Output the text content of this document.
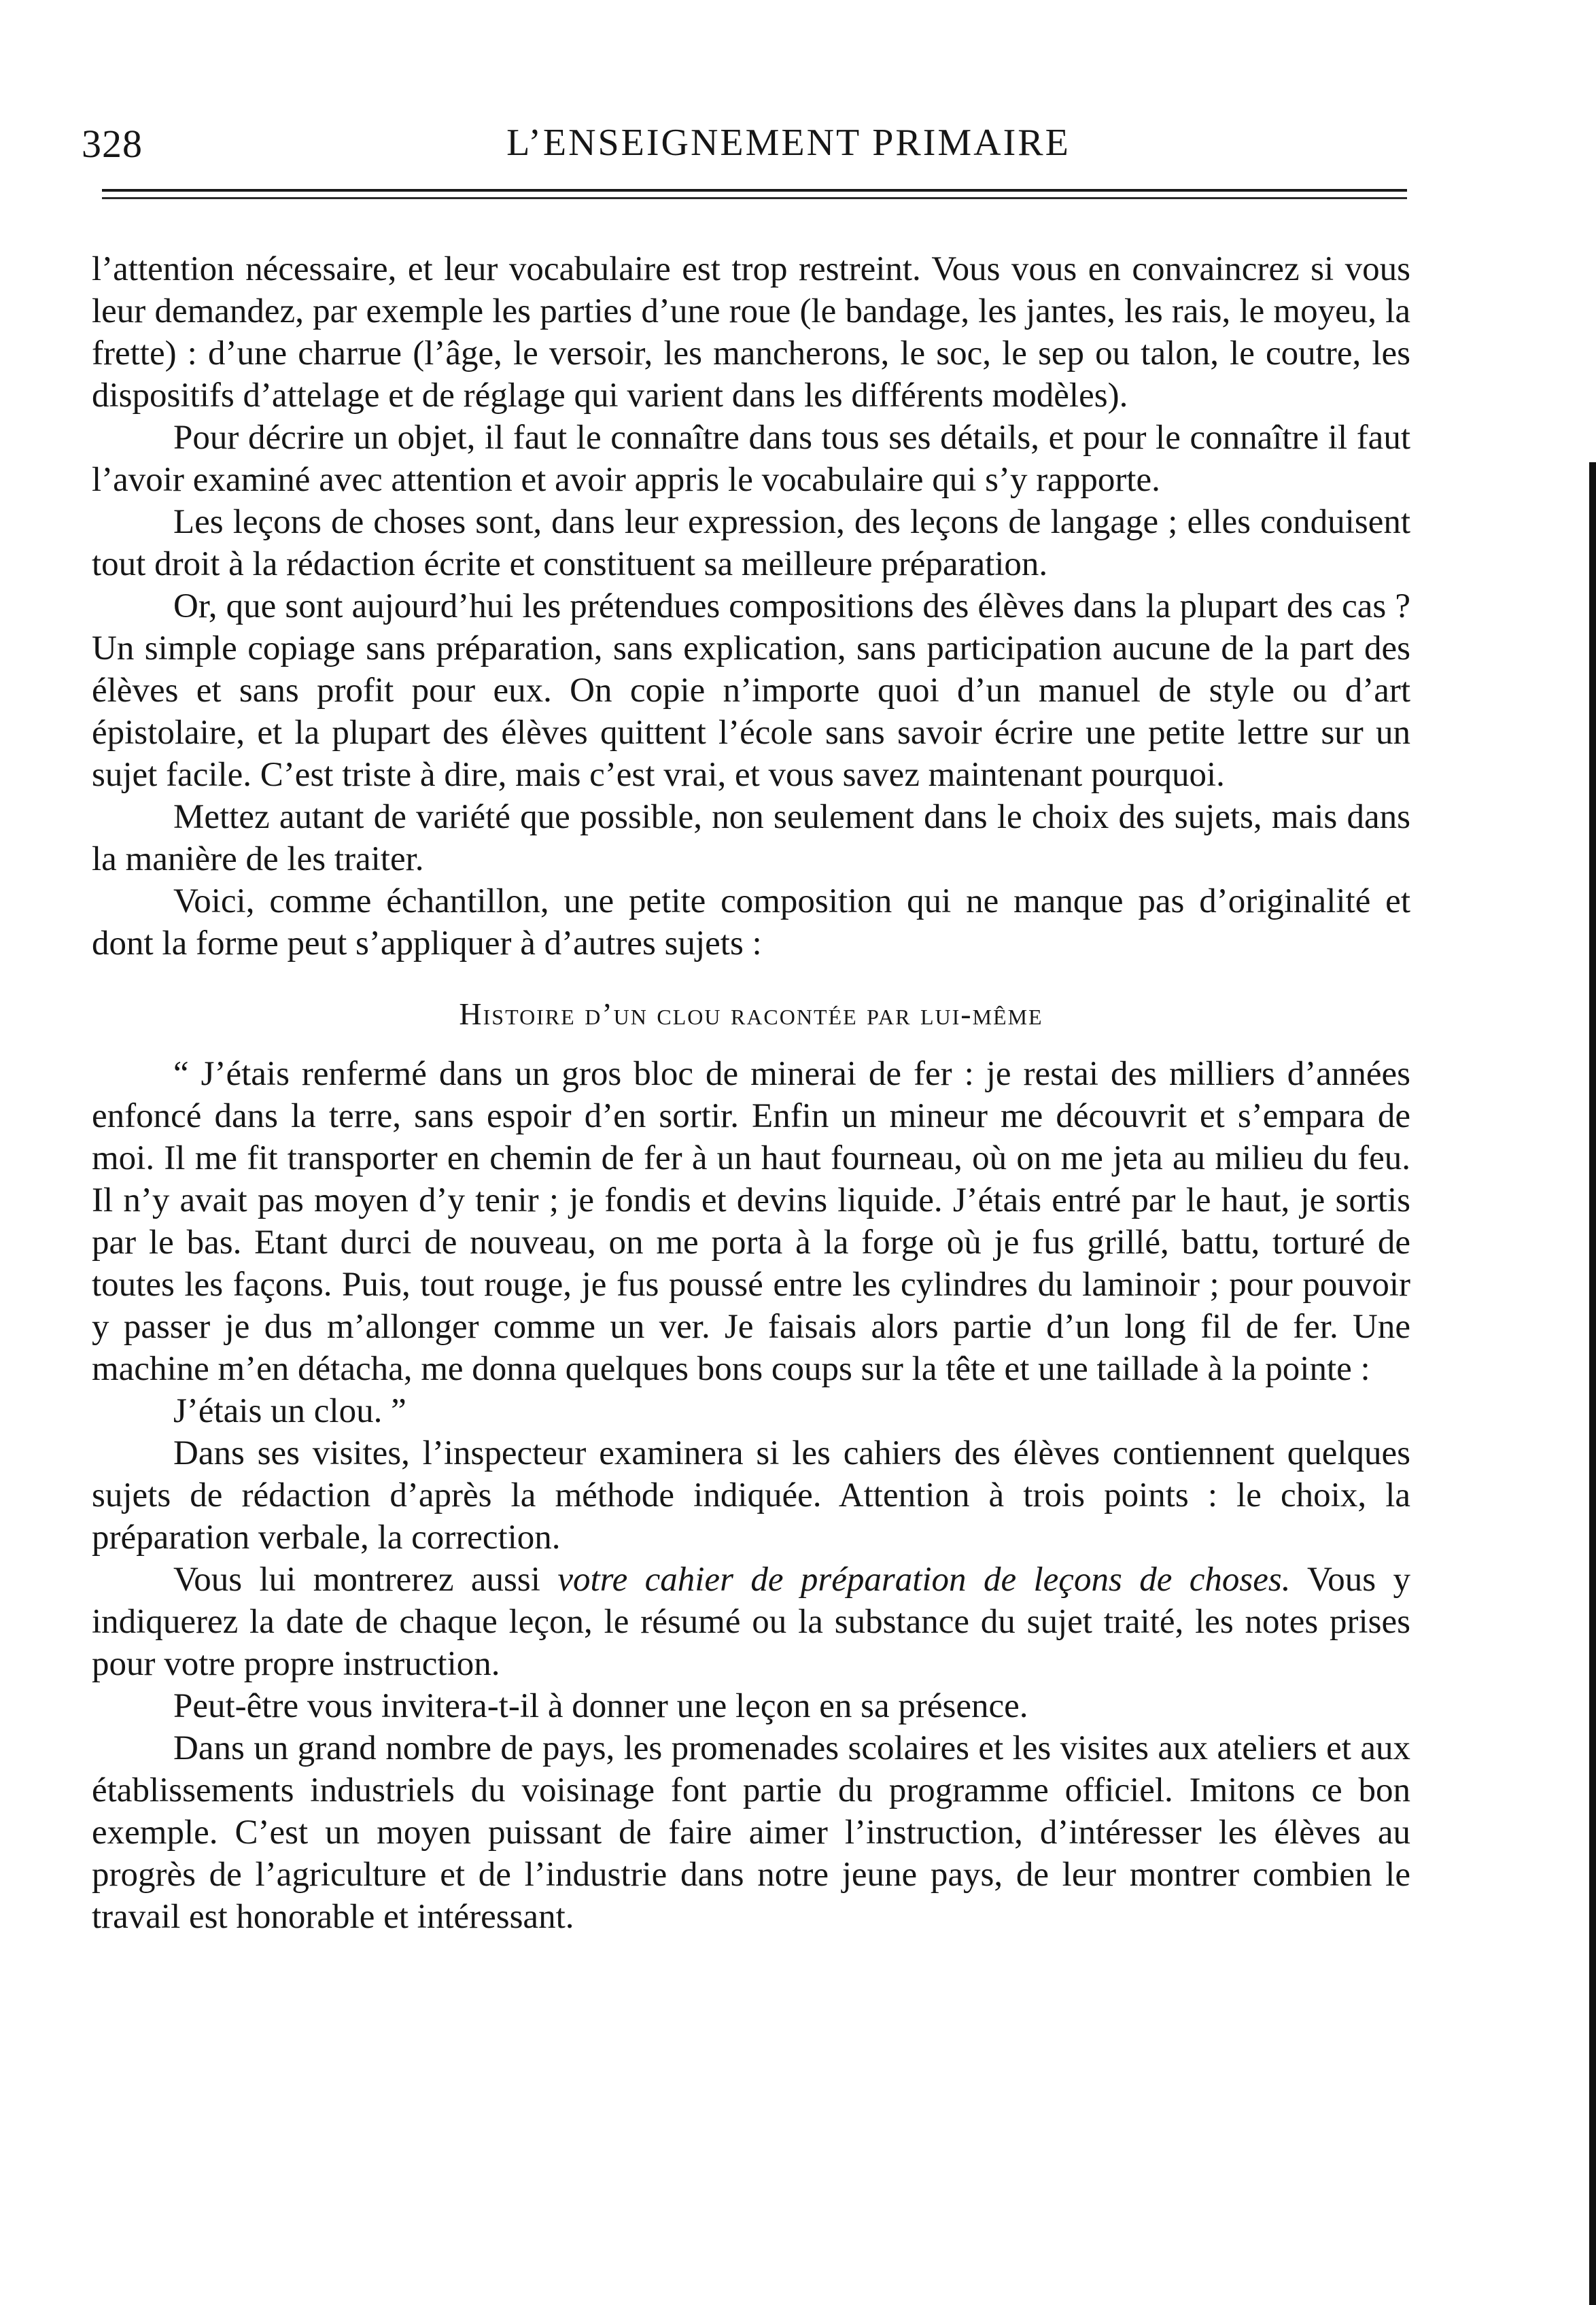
328	L’ENSEIGNEMENT PRIMAIRE

l’attention nécessaire, et leur vocabulaire est trop restreint. Vous vous en convaincrez si vous leur demandez, par exemple les parties d’une roue (le bandage, les jantes, les rais, le moyeu, la frette) : d’une charrue (l’âge, le versoir, les mancherons, le soc, le sep ou talon, le coutre, les dispositifs d’attelage et de réglage qui varient dans les différents modèles).

Pour décrire un objet, il faut le connaître dans tous ses détails, et pour le connaître il faut l’avoir examiné avec attention et avoir appris le vocabulaire qui s’y rapporte.

Les leçons de choses sont, dans leur expression, des leçons de langage ; elles conduisent tout droit à la rédaction écrite et constituent sa meilleure préparation.

Or, que sont aujourd’hui les prétendues compositions des élèves dans la plupart des cas ? Un simple copiage sans préparation, sans explication, sans participation aucune de la part des élèves et sans profit pour eux. On copie n’importe quoi d’un manuel de style ou d’art épistolaire, et la plupart des élèves quittent l’école sans savoir écrire une petite lettre sur un sujet facile. C’est triste à dire, mais c’est vrai, et vous savez maintenant pourquoi.

Mettez autant de variété que possible, non seulement dans le choix des sujets, mais dans la manière de les traiter.

Voici, comme échantillon, une petite composition qui ne manque pas d’originalité et dont la forme peut s’appliquer à d’autres sujets :

Histoire d’un clou racontée par lui-même

“ J’étais renfermé dans un gros bloc de minerai de fer : je restai des milliers d’années enfoncé dans la terre, sans espoir d’en sortir. Enfin un mineur me découvrit et s’empara de moi. Il me fit transporter en chemin de fer à un haut fourneau, où on me jeta au milieu du feu. Il n’y avait pas moyen d’y tenir ; je fondis et devins liquide. J’étais entré par le haut, je sortis par le bas. Etant durci de nouveau, on me porta à la forge où je fus grillé, battu, torturé de toutes les façons. Puis, tout rouge, je fus poussé entre les cylindres du laminoir ; pour pouvoir y passer je dus m’allonger comme un ver. Je faisais alors partie d’un long fil de fer. Une machine m’en détacha, me donna quelques bons coups sur la tête et une taillade à la pointe :

J’étais un clou. ”

Dans ses visites, l’inspecteur examinera si les cahiers des élèves contiennent quelques sujets de rédaction d’après la méthode indiquée. Attention à trois points : le choix, la préparation verbale, la correction.

Vous lui montrerez aussi votre cahier de préparation de leçons de choses. Vous y indiquerez la date de chaque leçon, le résumé ou la substance du sujet traité, les notes prises pour votre propre instruction.

Peut-être vous invitera-t-il à donner une leçon en sa présence.

Dans un grand nombre de pays, les promenades scolaires et les visites aux ateliers et aux établissements industriels du voisinage font partie du programme officiel. Imitons ce bon exemple. C’est un moyen puissant de faire aimer l’instruction, d’intéresser les élèves au progrès de l’agriculture et de l’industrie dans notre jeune pays, de leur montrer combien le travail est honorable et intéressant.
